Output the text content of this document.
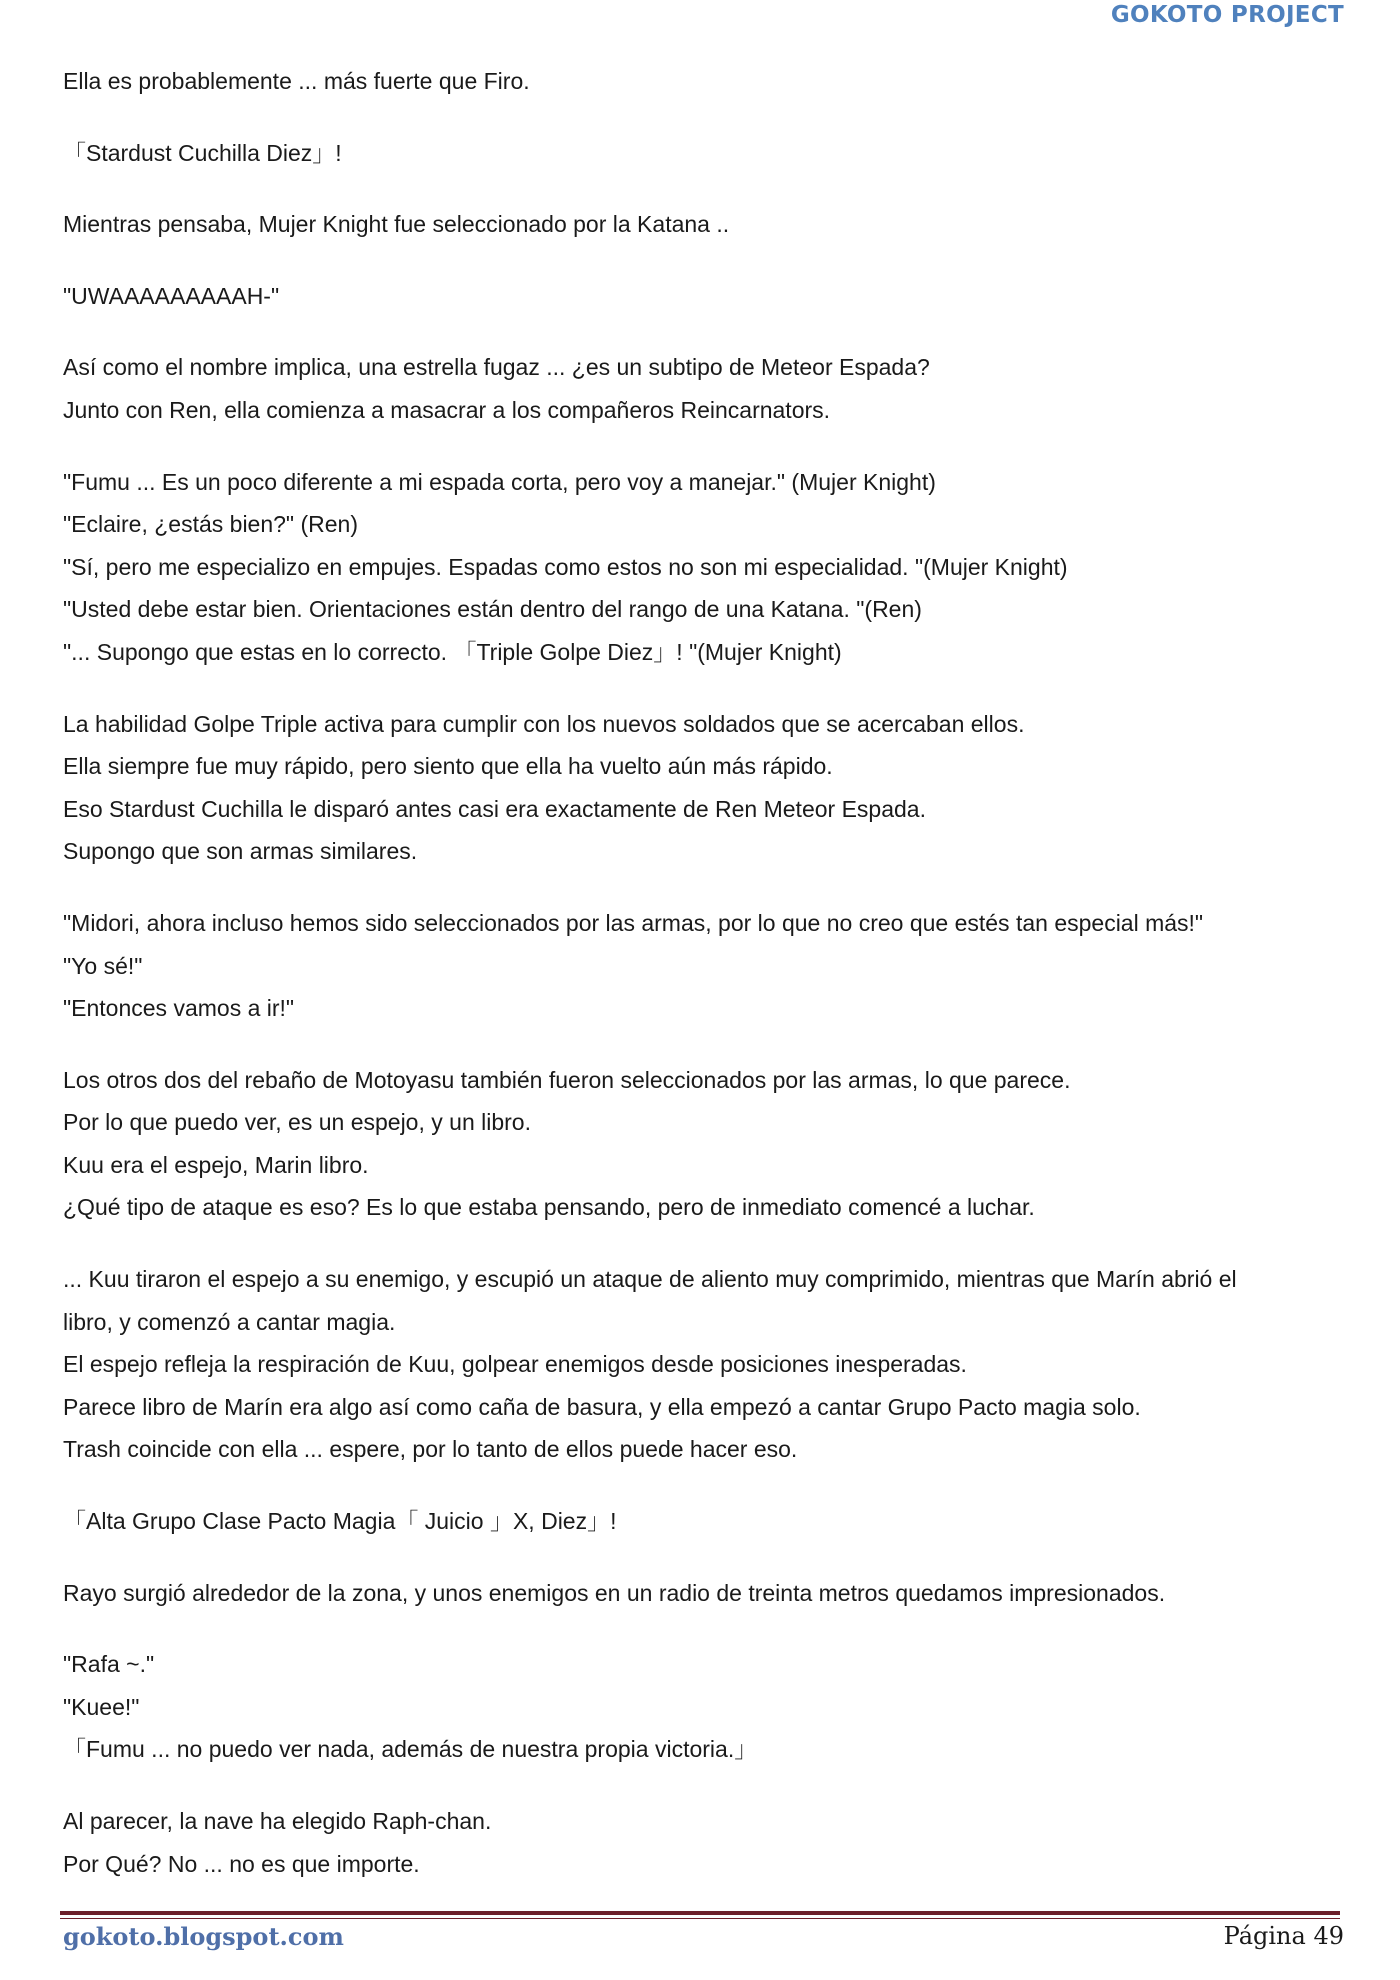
GOKOTO PROJECT

Ella es probablemente ... más fuerte que Firo.

「Stardust Cuchilla Diez」!

Mientras pensaba, Mujer Knight fue seleccionado por la Katana ..

"UWAAAAAAAAAH-"

Así como el nombre implica, una estrella fugaz ... ¿es un subtipo de Meteor Espada?

Junto con Ren, ella comienza a masacrar a los compañeros Reincarnators.

"Fumu ... Es un poco diferente a mi espada corta, pero voy a manejar." (Mujer Knight)

"Eclaire, ¿estás bien?" (Ren)

"Sí, pero me especializo en empujes. Espadas como estos no son mi especialidad. "(Mujer Knight)

"Usted debe estar bien. Orientaciones están dentro del rango de una Katana. "(Ren)

"... Supongo que estas en lo correcto. 「Triple Golpe Diez」! "(Mujer Knight)

La habilidad Golpe Triple activa para cumplir con los nuevos soldados que se acercaban ellos.

Ella siempre fue muy rápido, pero siento que ella ha vuelto aún más rápido.

Eso Stardust Cuchilla le disparó antes casi era exactamente de Ren Meteor Espada.

Supongo que son armas similares.

"Midori, ahora incluso hemos sido seleccionados por las armas, por lo que no creo que estés tan especial más!"

"Yo sé!"

"Entonces vamos a ir!"

Los otros dos del rebaño de Motoyasu también fueron seleccionados por las armas, lo que parece.

Por lo que puedo ver, es un espejo, y un libro.

Kuu era el espejo, Marin libro.

¿Qué tipo de ataque es eso? Es lo que estaba pensando, pero de inmediato comencé a luchar.

... Kuu tiraron el espejo a su enemigo, y escupió un ataque de aliento muy comprimido, mientras que Marín abrió el

libro, y comenzó a cantar magia.

El espejo refleja la respiración de Kuu, golpear enemigos desde posiciones inesperadas.

Parece libro de Marín era algo así como caña de basura, y ella empezó a cantar Grupo Pacto magia solo.

Trash coincide con ella ... espere, por lo tanto de ellos puede hacer eso.

「Alta Grupo Clase Pacto Magia「 Juicio 」X, Diez」!

Rayo surgió alrededor de la zona, y unos enemigos en un radio de treinta metros quedamos impresionados.

"Rafa ~."

"Kuee!"

「Fumu ... no puedo ver nada, además de nuestra propia victoria.」

Al parecer, la nave ha elegido Raph-chan.

Por Qué? No ... no es que importe.

gokoto.blogspot.com	Página 49
